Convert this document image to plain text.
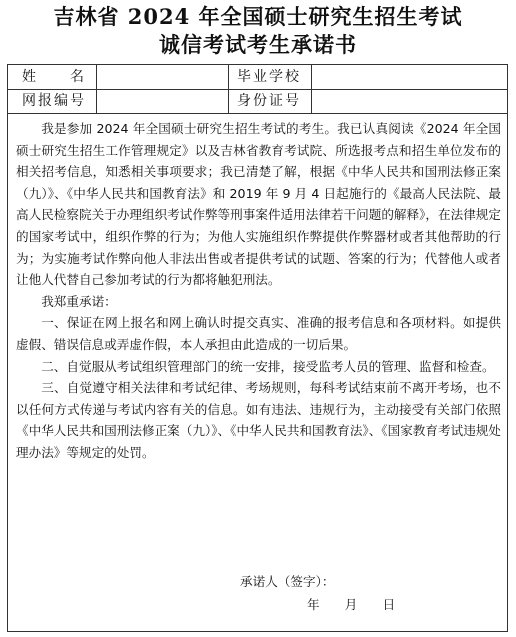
吉林省 2024 年全国硕士研究生招生考试
诚信考试考生承诺书
姓　　名	毕业学校
网报编号	身份证号

我是参加 2024 年全国硕士研究生招生考试的考生。我已认真阅读《2024 年全国硕士研究生招生工作管理规定》以及吉林省教育考试院、所选报考点和招生单位发布的相关招考信息，知悉相关事项要求；我已清楚了解，根据《中华人民共和国刑法修正案（九）》、《中华人民共和国教育法》和 2019 年 9 月 4 日起施行的《最高人民法院、最高人民检察院关于办理组织考试作弊等刑事案件适用法律若干问题的解释》，在法律规定的国家考试中，组织作弊的行为；为他人实施组织作弊提供作弊器材或者其他帮助的行为；为实施考试作弊向他人非法出售或者提供考试的试题、答案的行为；代替他人或者让他人代替自己参加考试的行为都将触犯刑法。

我郑重承诺：

一、保证在网上报名和网上确认时提交真实、准确的报考信息和各项材料。如提供虚假、错误信息或弄虚作假，本人承担由此造成的一切后果。

二、自觉服从考试组织管理部门的统一安排，接受监考人员的管理、监督和检查。

三、自觉遵守相关法律和考试纪律、考场规则，每科考试结束前不离开考场，也不以任何方式传递与考试内容有关的信息。如有违法、违规行为，主动接受有关部门依照《中华人民共和国刑法修正案（九）》、《中华人民共和国教育法》、《国家教育考试违规处理办法》等规定的处罚。

承诺人（签字）：
年　　月　　日
